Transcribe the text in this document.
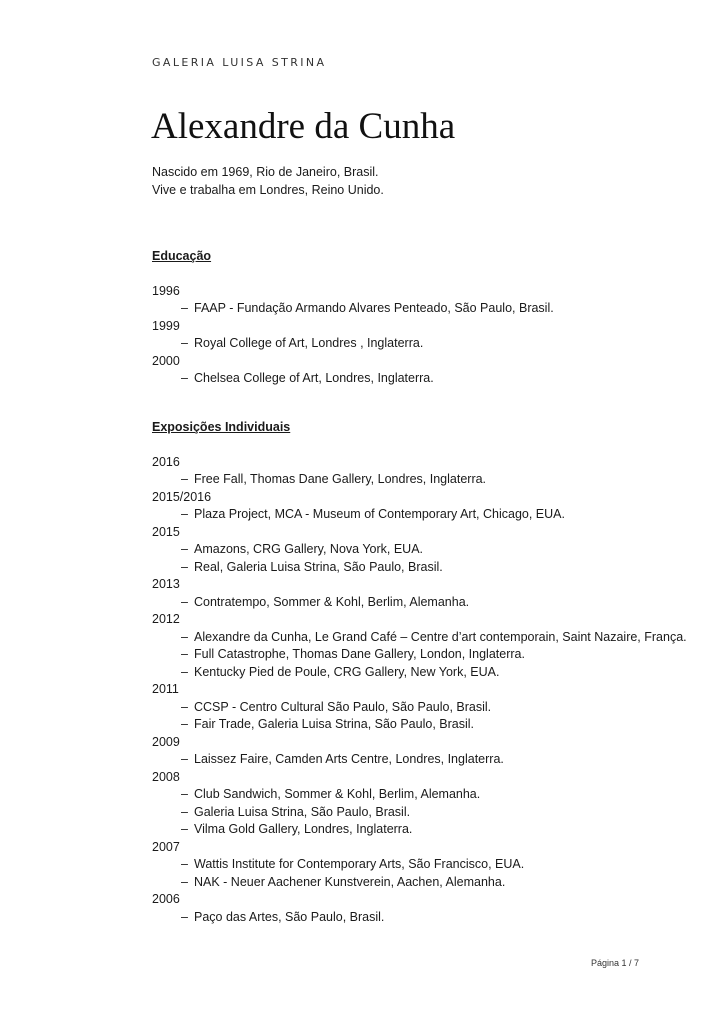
GALERIA LUISA STRINA
Alexandre da Cunha
Nascido em 1969, Rio de Janeiro, Brasil.
Vive e trabalha em Londres, Reino Unido.
Educação
1996
– FAAP - Fundação Armando Alvares Penteado, São Paulo, Brasil.
1999
– Royal College of Art, Londres , Inglaterra.
2000
– Chelsea College of Art, Londres, Inglaterra.
Exposições Individuais
2016
– Free Fall, Thomas Dane Gallery, Londres, Inglaterra.
2015/2016
– Plaza Project, MCA - Museum of Contemporary Art, Chicago, EUA.
2015
– Amazons, CRG Gallery, Nova York, EUA.
– Real, Galeria Luisa Strina, São Paulo, Brasil.
2013
– Contratempo, Sommer & Kohl, Berlim, Alemanha.
2012
– Alexandre da Cunha, Le Grand Café – Centre d’art contemporain, Saint Nazaire, França.
– Full Catastrophe, Thomas Dane Gallery, London, Inglaterra.
– Kentucky Pied de Poule, CRG Gallery, New York, EUA.
2011
– CCSP - Centro Cultural São Paulo, São Paulo, Brasil.
– Fair Trade, Galeria Luisa Strina, São Paulo, Brasil.
2009
– Laissez Faire, Camden Arts Centre, Londres, Inglaterra.
2008
– Club Sandwich, Sommer & Kohl, Berlim, Alemanha.
– Galeria Luisa Strina, São Paulo, Brasil.
– Vilma Gold Gallery, Londres, Inglaterra.
2007
– Wattis Institute for Contemporary Arts, São Francisco, EUA.
– NAK - Neuer Aachener Kunstverein, Aachen, Alemanha.
2006
– Paço das Artes, São Paulo, Brasil.
Página 1 / 7
